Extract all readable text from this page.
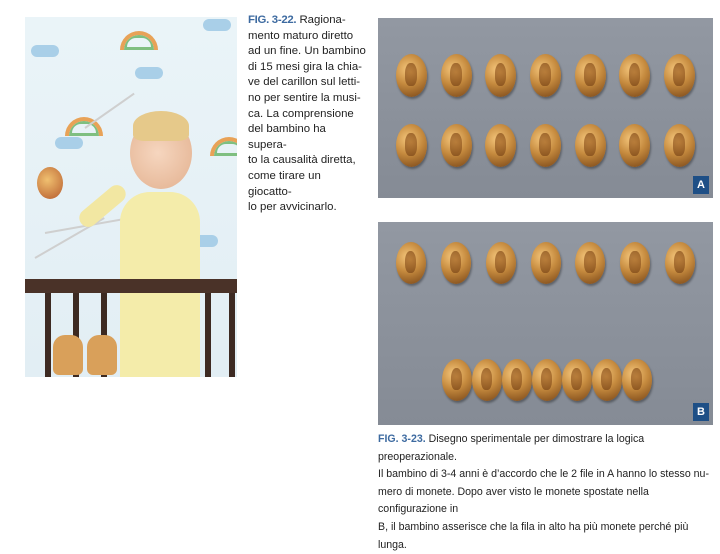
FIG. 3-22. Ragiona-
mento maturo diretto
ad un fine. Un bambino
di 15 mesi gira la chia-
ve del carillon sul letti-
no per sentire la musi-
ca. La comprensione
del bambino ha supera-
to la causalità diretta,
come tirare un giocatto-
lo per avvicinarlo.
A
B
FIG. 3-23. Disegno sperimentale per dimostrare la logica preoperazionale.
Il bambino di 3-4 anni è d’accordo che le 2 file in A hanno lo stesso nu-
mero di monete. Dopo aver visto le monete spostate nella configurazione in
B, il bambino asserisce che la fila in alto ha più monete perché più lunga.
